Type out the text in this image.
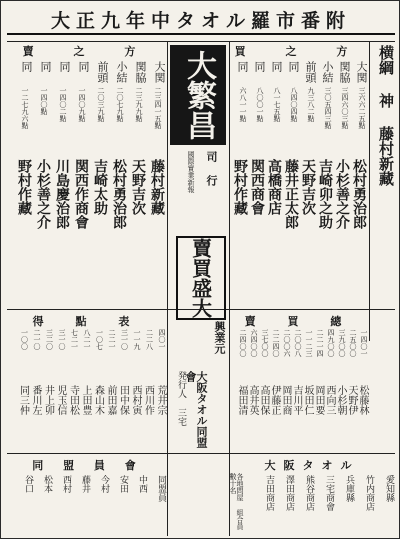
大正九年中タオル羅市番附
横綱 神 藤村新藏
買 之 方
賣 之 方
大関
三六六二五點
松村勇治郎
関脇
三四六〇三點
小杉善之介
小結
三〇五四三點
吉崎卯之助
前頭
九三八二點
天野吉次
同
八四〇四點
藤井正太郎
同
八一七五點
高橋商店
同
八〇〇一點
関西商會
同
六八一一點
野村作藏
大関
二三四一五點
藤村新藏
関脇
二三九九點
天野吉次
小結
二〇七九點
松村勇治郎
前頭
二〇三九點
吉崎太助
同
一四〇九點
関西作商會
同
一四〇二點
川島慶治郎
同
一四〇點
小杉善之介
同
一二七九六點
野村作藏
大繁昌
司 行
國際實業新報
賣買盛大
興業元
大阪タオル同盟會
発行人 三宅
賣 買 總
得 點 表
一四〇一
二五〇〇
三九〇〇
四九〇〇
二二一四
一一二三
二〇〇八
二〇〇六
二二四〇
三七〇〇
六四〇〇
二四〇〇
松藤林
天野伊
小杉朝
西向三
岡田要
坂田仁
吉川平
岡田商
伊藤正
高田保
高井英
福田清
四〇一
二二八
一一九
三一〇
二二一
一〇七
八二一
七二一
三一〇
三二〇
二一〇
一〇〇
荒井宗
西川作
西村寅
田中保
前田嘉
森山木
上田豊
寺田松
児玉信
井上卯
番川左
同三仲
大阪タオル
同 盟 員 會
愛知縣
竹内商店
兵庫縣
三宅商會
熊谷商店
澤田商店
吉田商店
同盟員
中西
安田
今村
藤井
西村
松本
谷口	各地問屋 組合員 數十名
